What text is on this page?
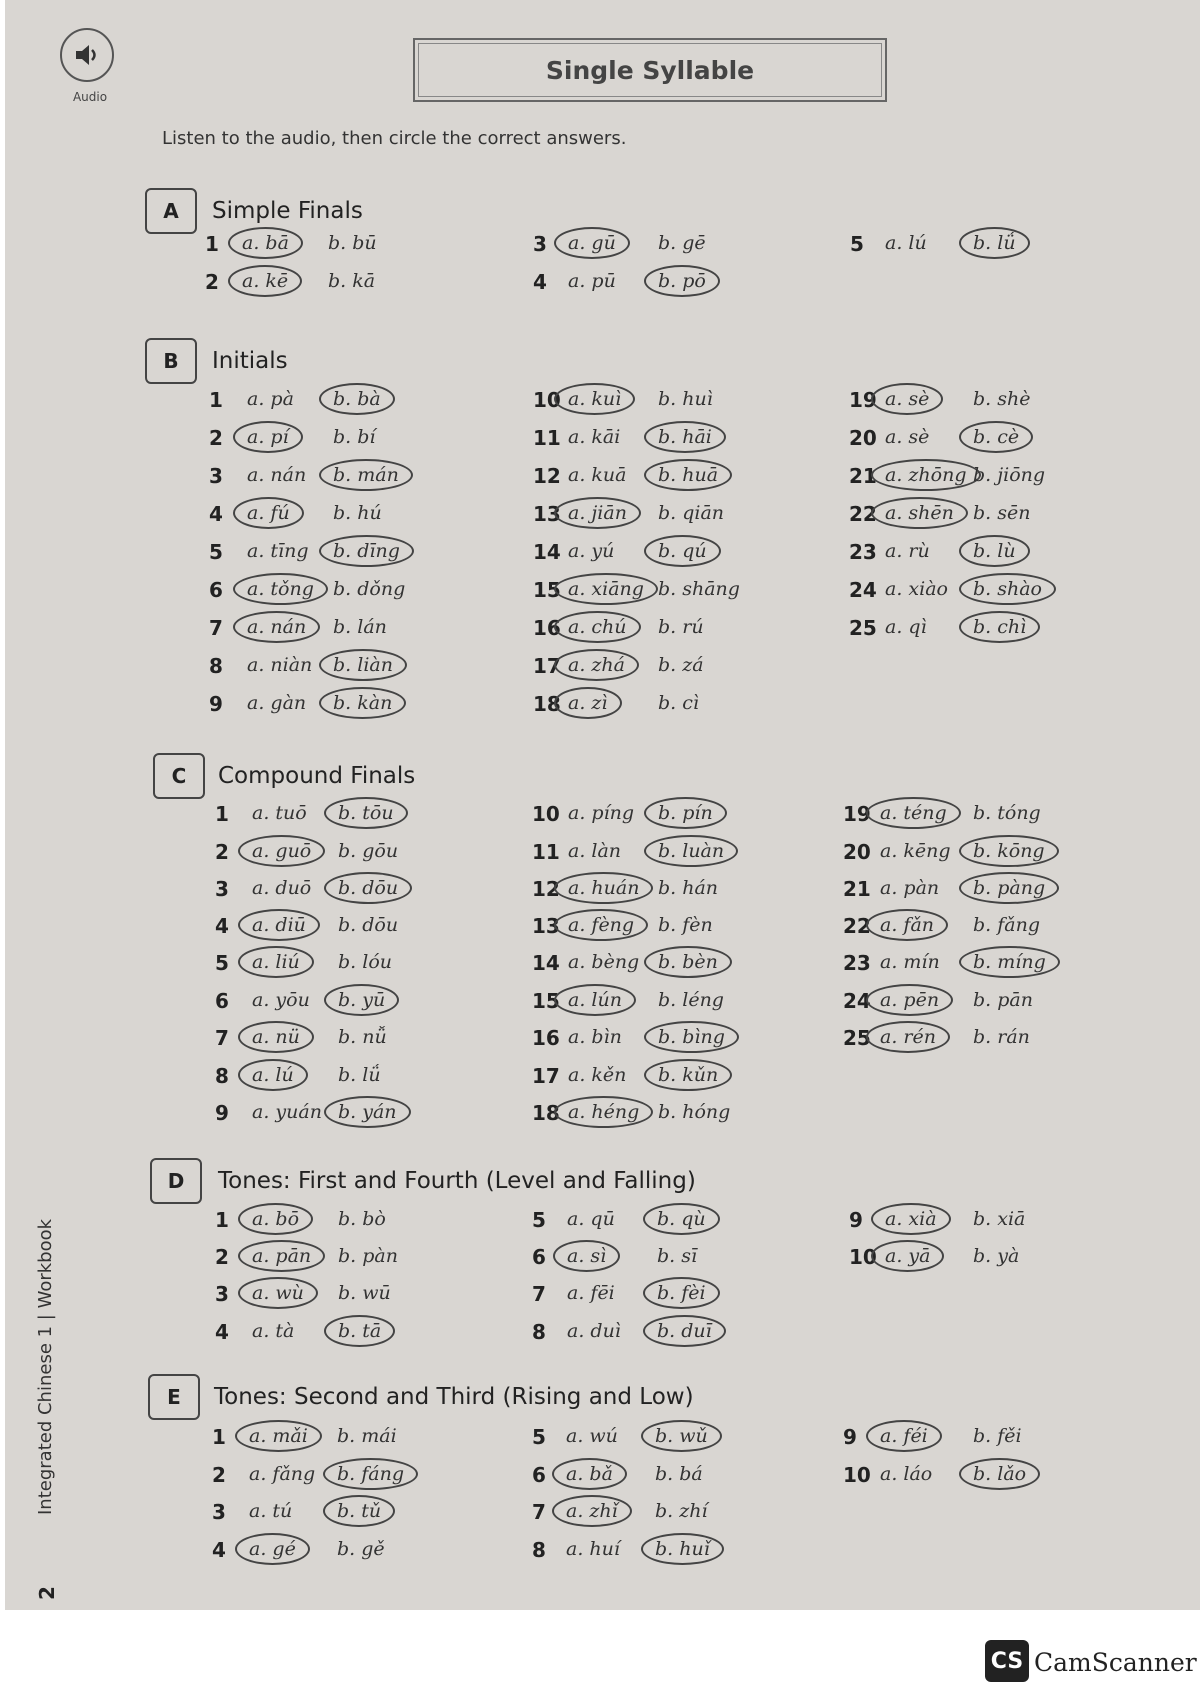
Audio
Single Syllable
Listen to the audio, then circle the correct answers.
A	Simple Finals
1	a. bā	b. bū
2	a. kē	b. kā
3	a. gū	b. gē
4	a. pū	b. pō
5	a. lú	b. lǘ
B	Initials
1	a. pà	b. bà
2	a. pí	b. bí
3	a. nán	b. mán
4	a. fú	b. hú
5	a. tīng	b. dīng
6	a. tǒng	b. dǒng
7	a. nán	b. lán
8	a. niàn	b. liàn
9	a. gàn	b. kàn
10 a. kuì	b. huì
11 a. kāi	b. hāi
12 a. kuā	b. huā
13 a. jiān	b. qiān
14 a. yú	b. qú
15 a. xiāng b. shāng
16 a. chú	b. rú
17 a. zhá	b. zá
18 a. zì	b. cì
19 a. sè	b. shè
20 a. sè	b. cè
21 a. zhōng b. jiōng
22 a. shēn	b. sēn
23 a. rù	b. lù
24 a. xiào	b. shào
25 a. qì	b. chì
C	Compound Finals
1	a. tuō	b. tōu
2	a. guō	b. gōu
3	a. duō	b. dōu
4	a. diū	b. dōu
5	a. liú	b. lóu
6	a. yōu	b. yū
7	a. nü	b. nǚ
8	a. lú	b. lǘ
9	a. yuán b. yán
10 a. píng	b. pín
11 a. làn	b. luàn
12 a. huán b. hán
13 a. fèng	b. fèn
14 a. bèng b. bèn
15 a. lún	b. léng
16 a. bìn	b. bìng
17 a. kěn	b. kǔn
18 a. héng b. hóng
19 a. téng	b. tóng
20 a. kēng	b. kōng
21 a. pàn	b. pàng
22 a. fǎn	b. fǎng
23 a. mín	b. míng
24 a. pēn	b. pān
25 a. rén	b. rán
D	Tones: First and Fourth (Level and Falling)
1	a. bō	b. bò
2	a. pān	b. pàn
3	a. wù	b. wū
4	a. tà	b. tā
5	a. qū	b. qù
6	a. sì	b. sī
7	a. fēi	b. fèi
8	a. duì	b. duī
9	a. xià	b. xiā
10 a. yā	b. yà
E	Tones: Second and Third (Rising and Low)
1	a. mǎi	b. mái
2	a. fǎng	b. fáng
3	a. tú	b. tǔ
4	a. gé	b. gě
5	a. wú	b. wǔ
6	a. bǎ	b. bá
7	a. zhǐ	b. zhí
8	a. huí	b. huǐ
9	a. féi	b. fěi
10 a. láo	b. lǎo
Integrated Chinese 1 | Workbook
2
CS CamScanner
